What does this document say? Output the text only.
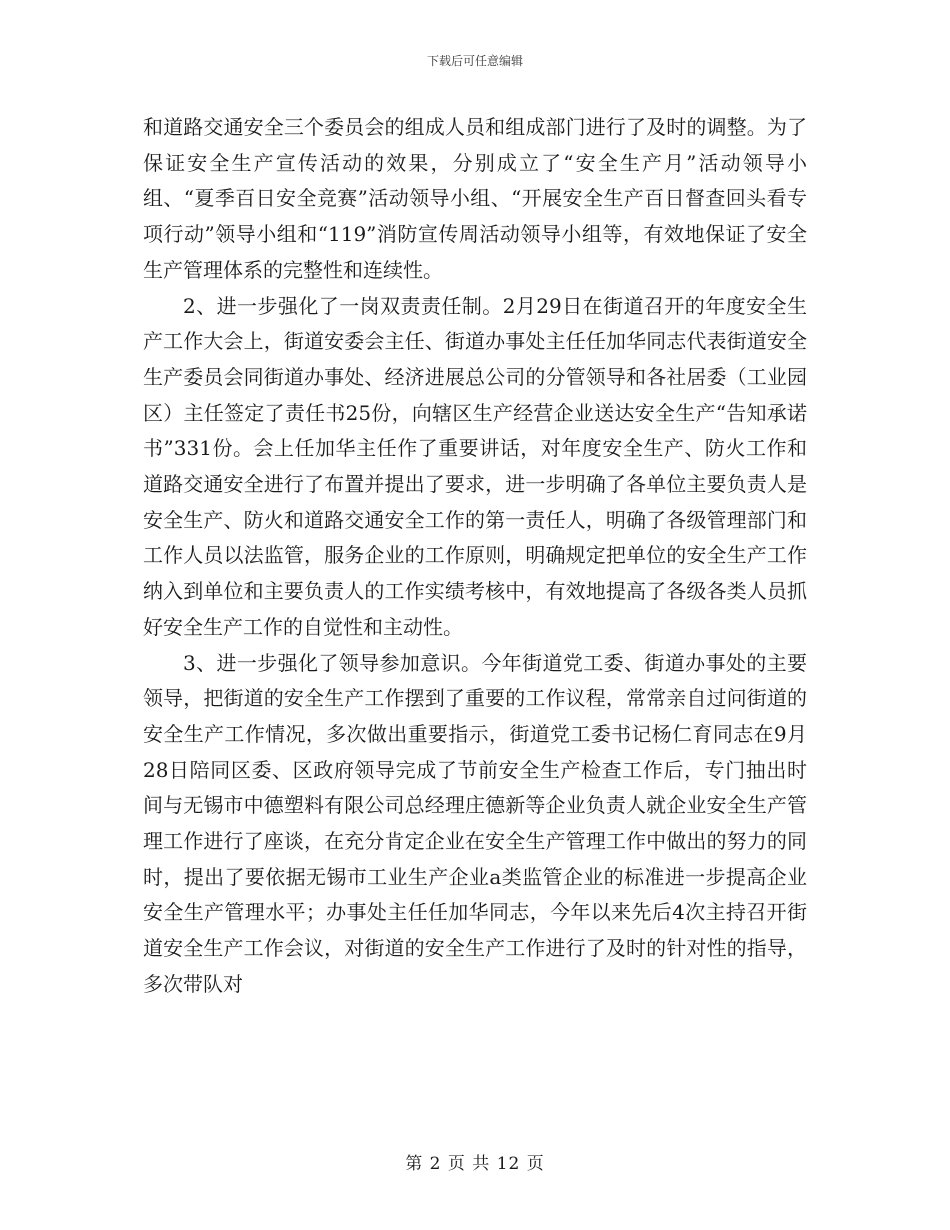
下载后可任意编辑

和道路交通安全三个委员会的组成人员和组成部门进行了及时的调整。为了保证安全生产宣传活动的效果，分别成立了“安全生产月”活动领导小组、“夏季百日安全竞赛”活动领导小组、“开展安全生产百日督查回头看专项行动”领导小组和“119”消防宣传周活动领导小组等，有效地保证了安全生产管理体系的完整性和连续性。

2、进一步强化了一岗双责责任制。2月29日在街道召开的年度安全生产工作大会上，街道安委会主任、街道办事处主任任加华同志代表街道安全生产委员会同街道办事处、经济进展总公司的分管领导和各社居委（工业园区）主任签定了责任书25份，向辖区生产经营企业送达安全生产“告知承诺书”331份。会上任加华主任作了重要讲话，对年度安全生产、防火工作和道路交通安全进行了布置并提出了要求，进一步明确了各单位主要负责人是安全生产、防火和道路交通安全工作的第一责任人，明确了各级管理部门和工作人员以法监管，服务企业的工作原则，明确规定把单位的安全生产工作纳入到单位和主要负责人的工作实绩考核中，有效地提高了各级各类人员抓好安全生产工作的自觉性和主动性。

3、进一步强化了领导参加意识。今年街道党工委、街道办事处的主要领导，把街道的安全生产工作摆到了重要的工作议程，常常亲自过问街道的安全生产工作情况，多次做出重要指示，街道党工委书记杨仁育同志在9月28日陪同区委、区政府领导完成了节前安全生产检查工作后，专门抽出时间与无锡市中德塑料有限公司总经理庄德新等企业负责人就企业安全生产管理工作进行了座谈，在充分肯定企业在安全生产管理工作中做出的努力的同时，提出了要依据无锡市工业生产企业a类监管企业的标准进一步提高企业安全生产管理水平；办事处主任任加华同志，今年以来先后4次主持召开街道安全生产工作会议，对街道的安全生产工作进行了及时的针对性的指导，多次带队对

第 2 页 共 12 页
